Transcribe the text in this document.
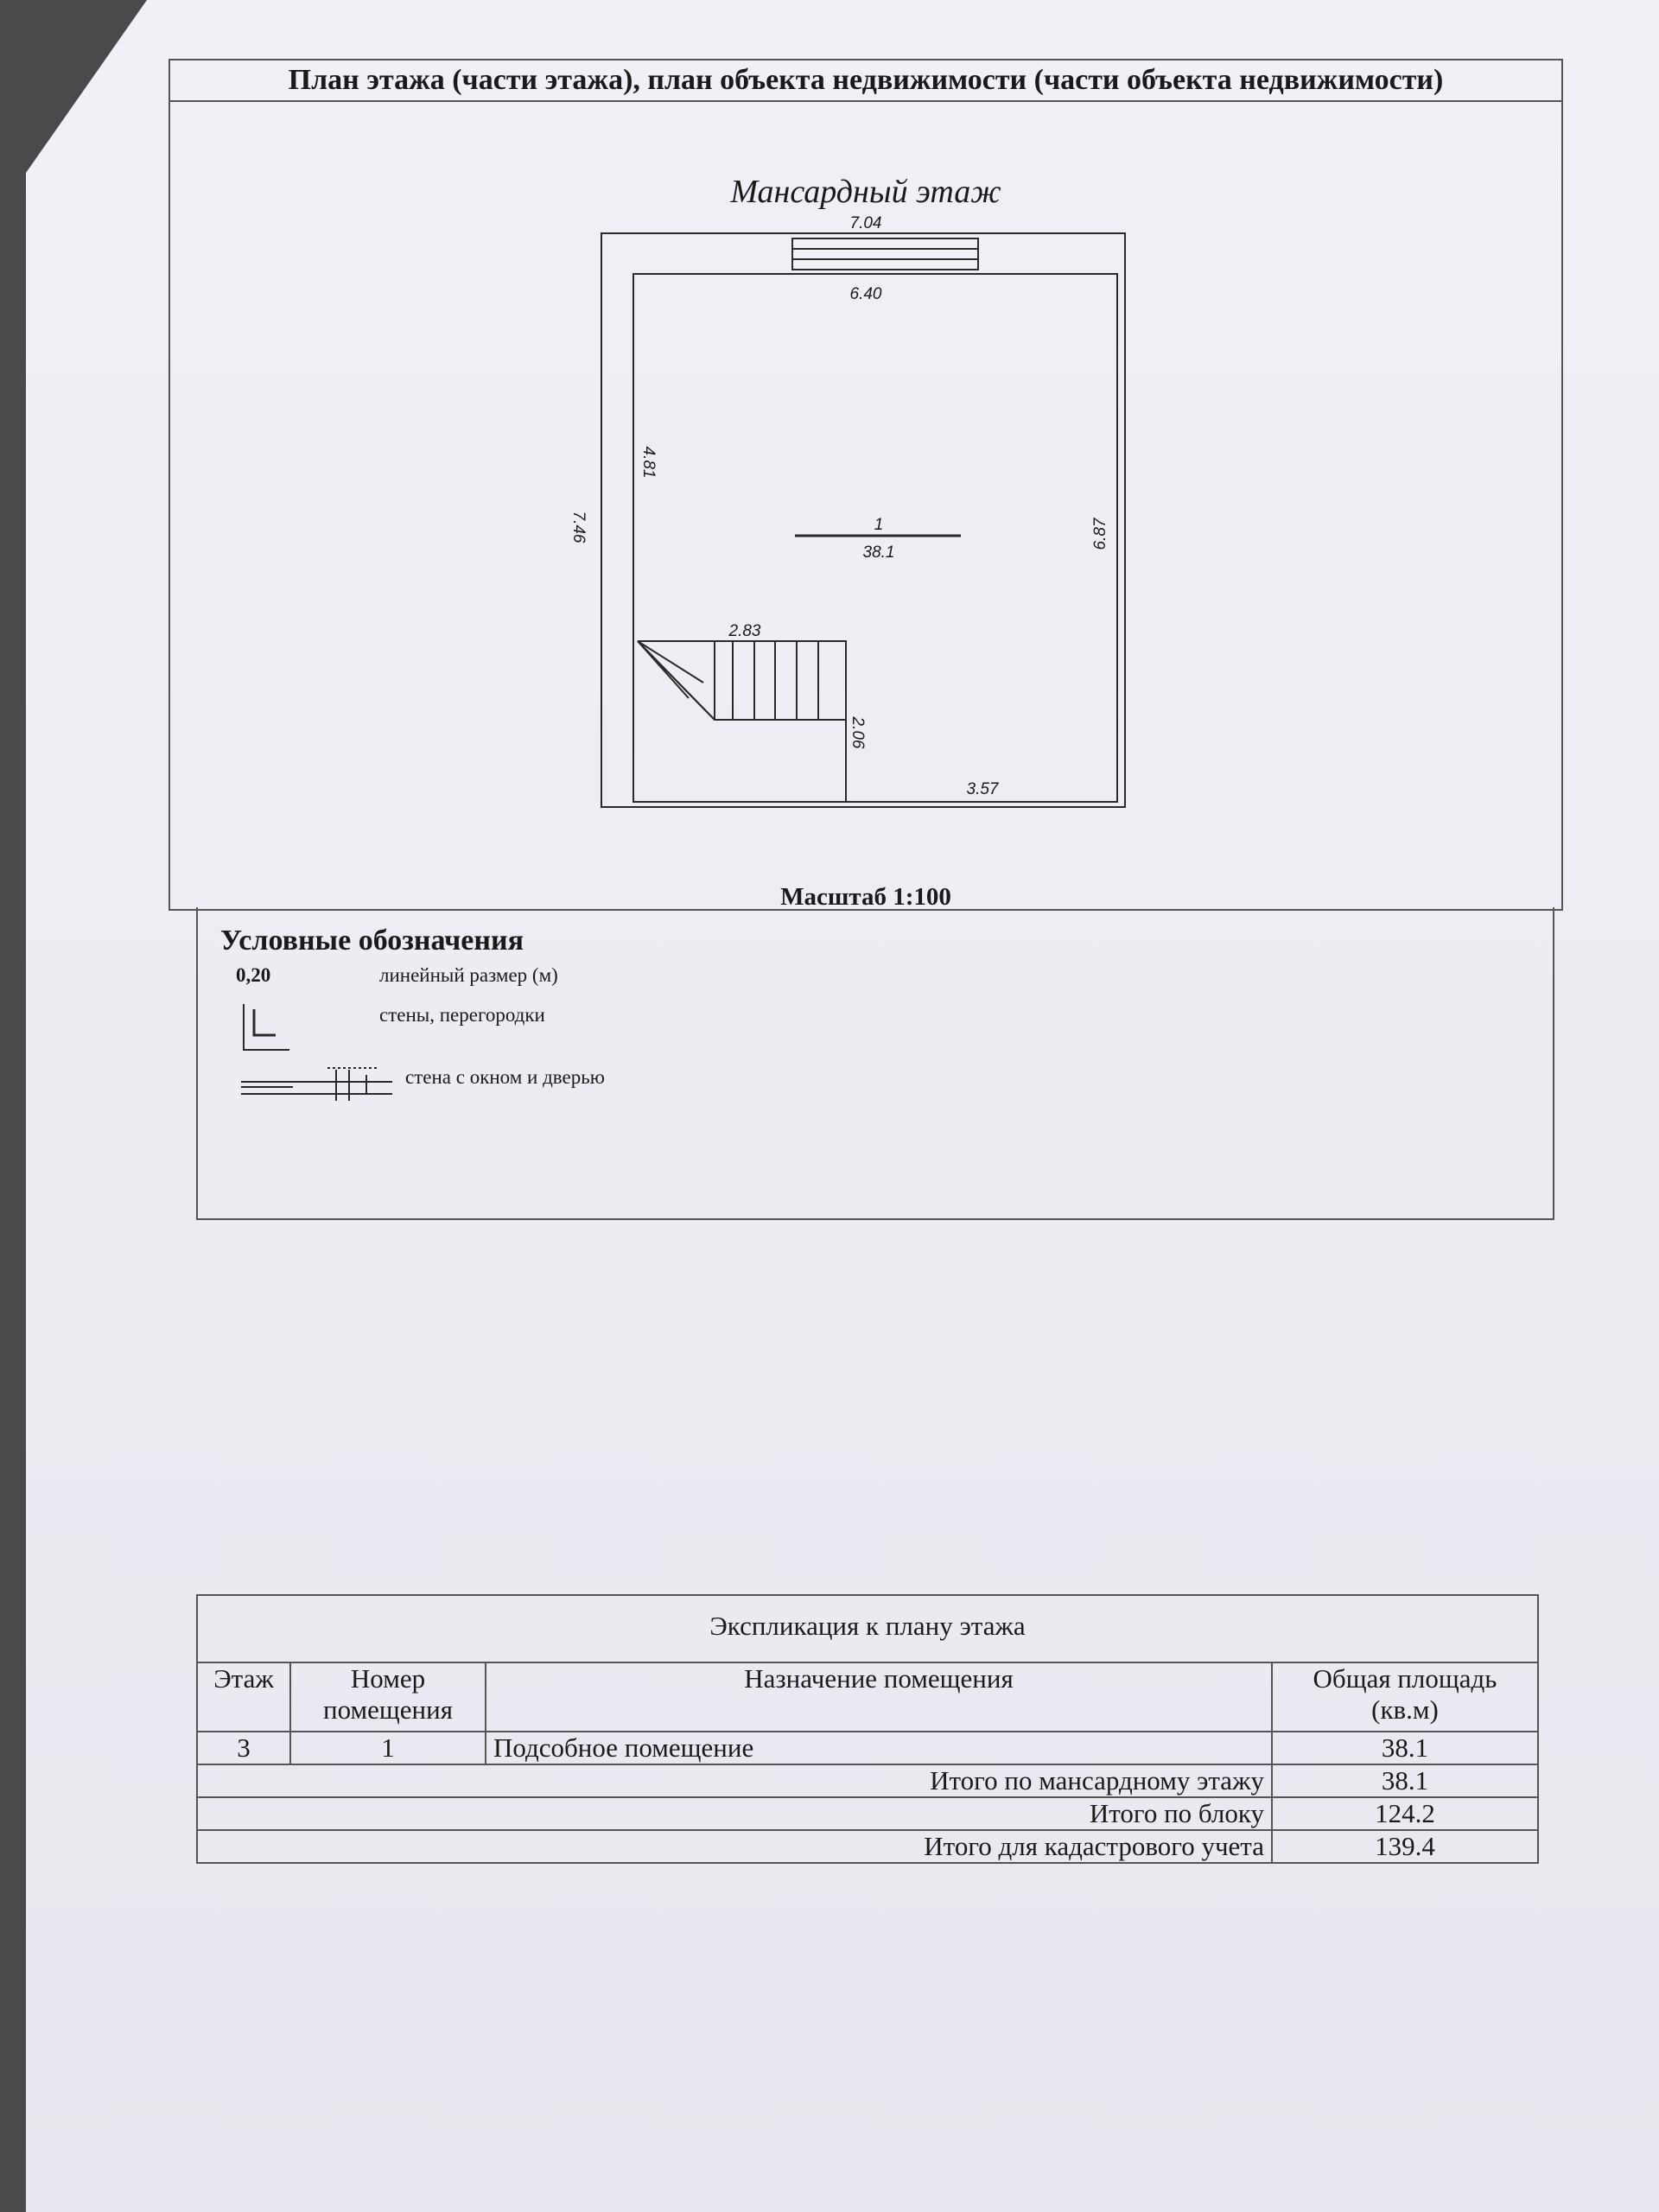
План этажа (части этажа), план объекта недвижимости (части объекта недвижимости)
Мансардный этаж
7.04
6.40
7.46
4.81
6.87
2.83
2.06
3.57
1
38.1
Масштаб 1:100
Условные обозначения
0,20	линейный размер (м)
стены, перегородки
стена с окном и дверью
Экспликация к плану этажа
Этаж	Номер помещения	Назначение помещения	Общая площадь (кв.м)
3	1	Подсобное помещение	38.1
Итого по мансардному этажу			38.1
Итого по блоку			124.2
Итого для кадастрового учета			139.4
